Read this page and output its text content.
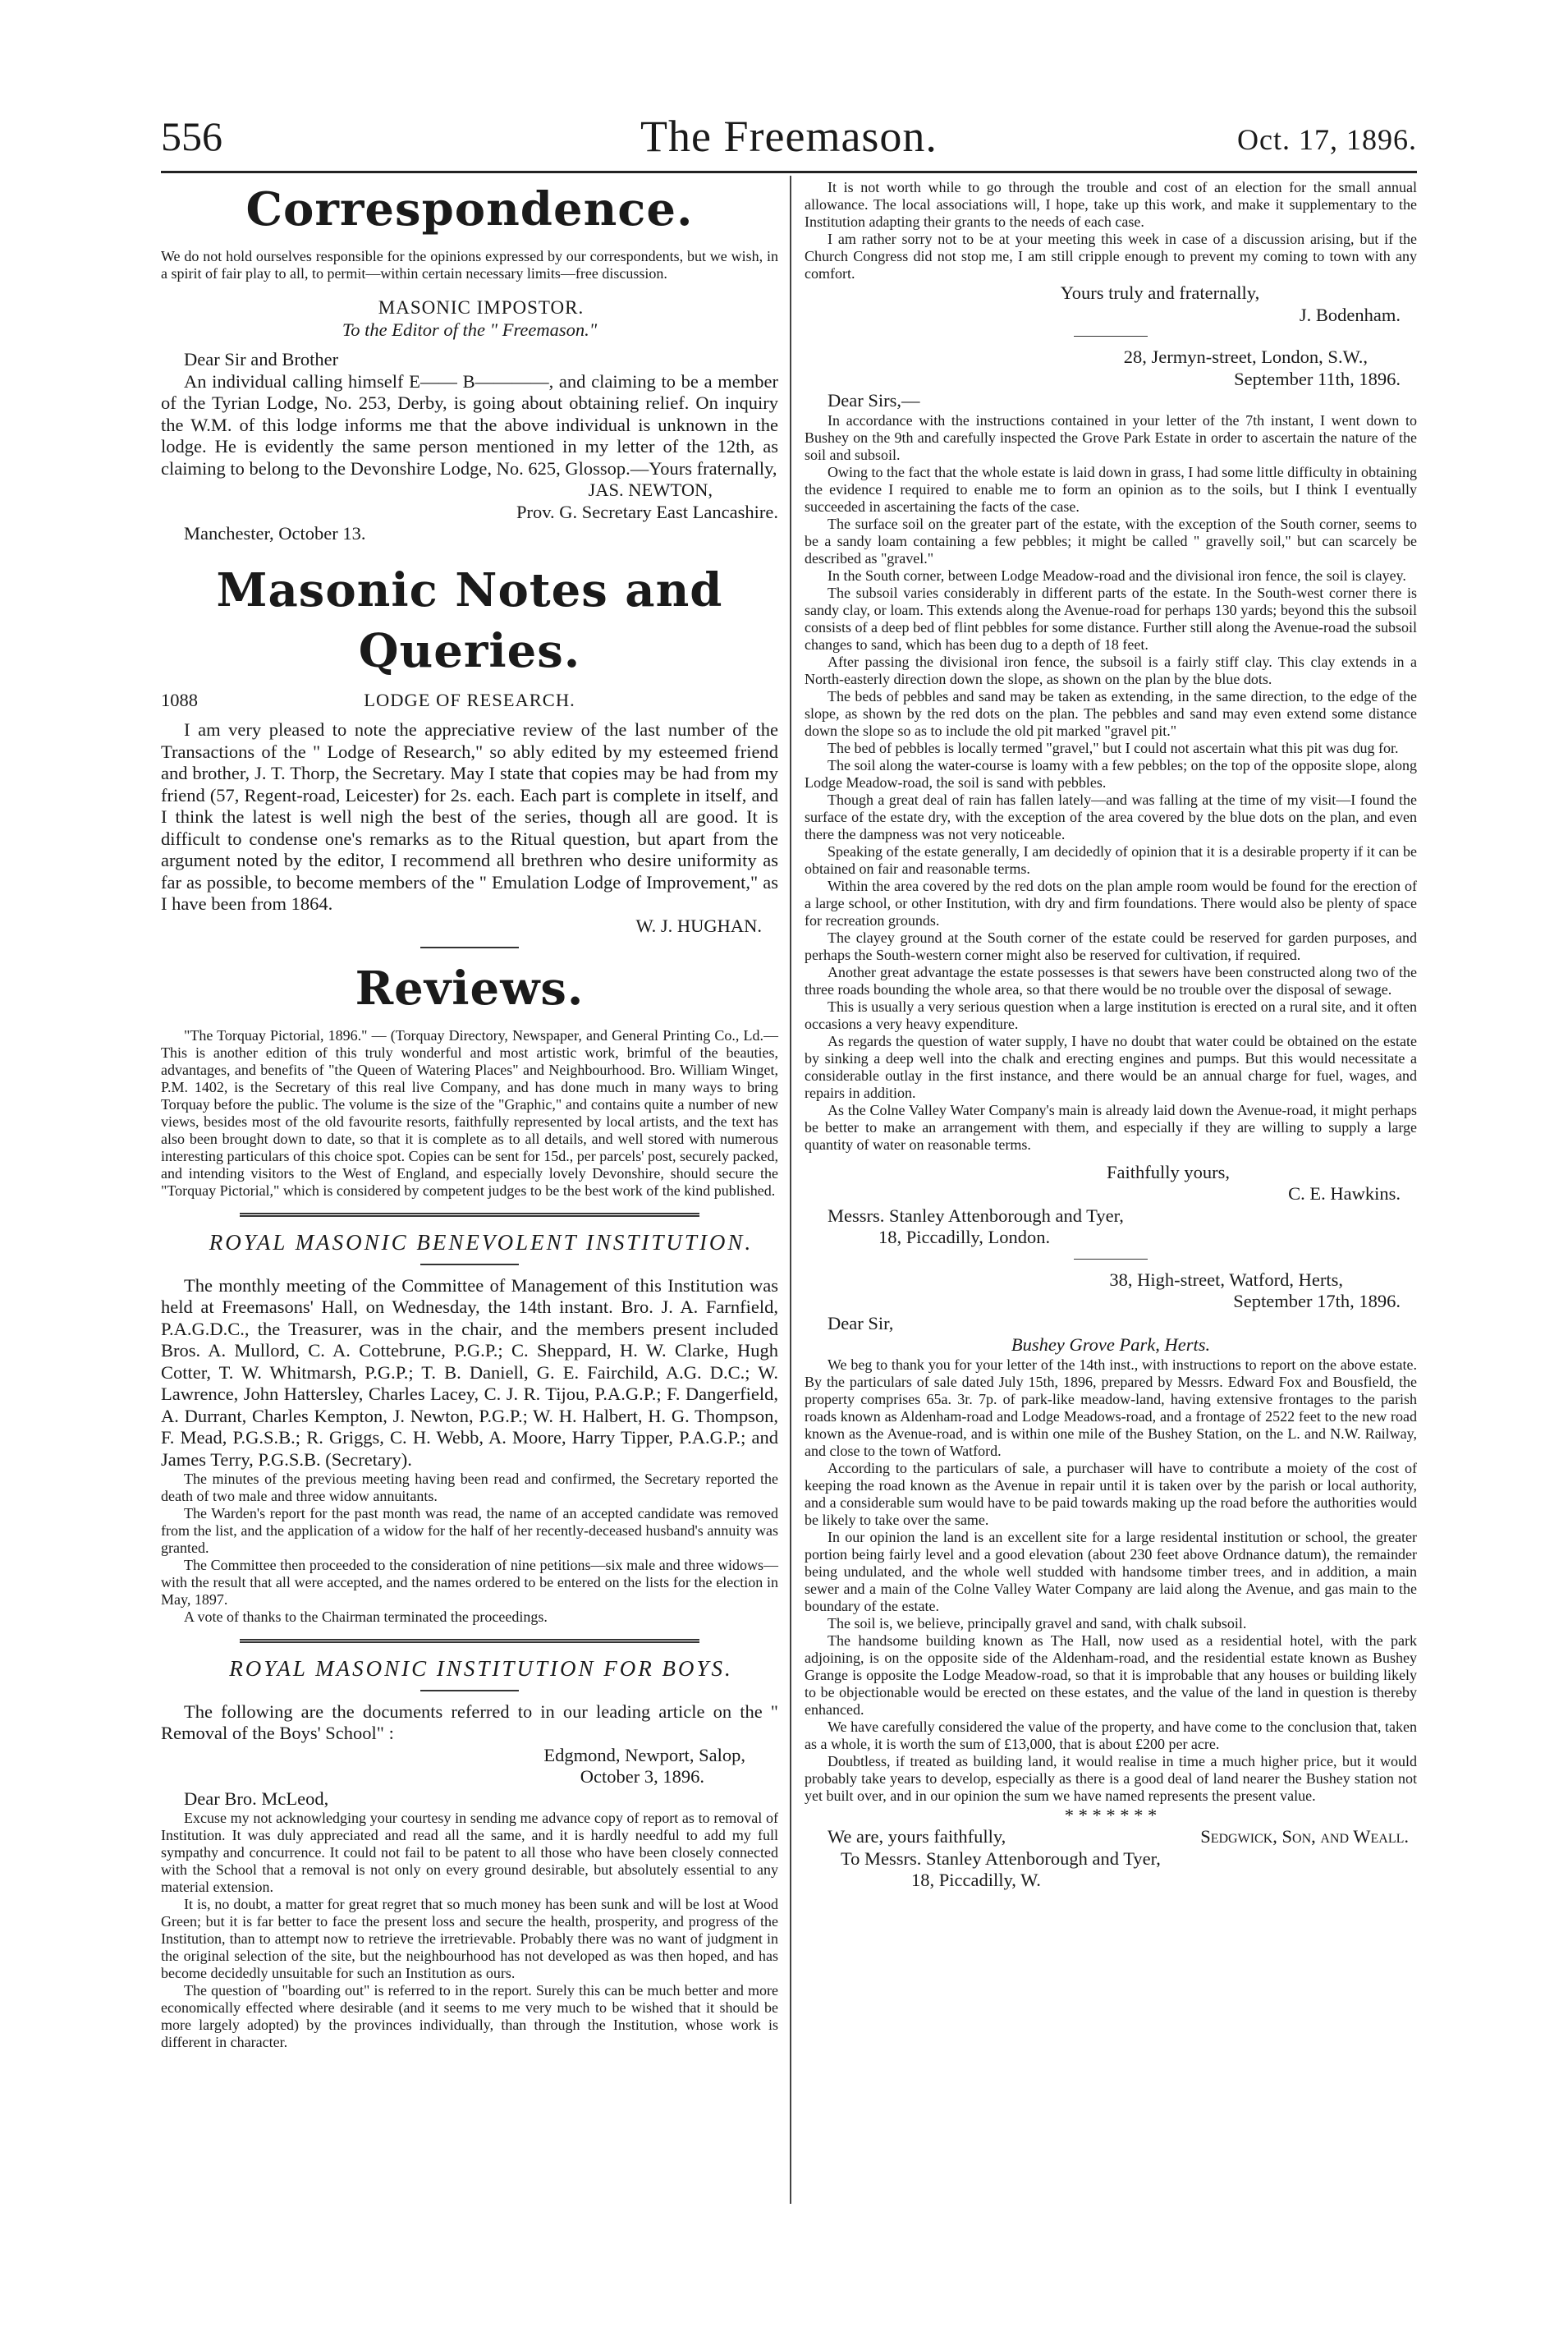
556	The Freemason.	Oct. 17, 1896.
Correspondence.

We do not hold ourselves responsible for the opinions expressed by our correspondents, but we wish, in a spirit of fair play to all, to permit—within certain necessary limits—free discussion.

MASONIC IMPOSTOR.

To the Editor of the " Freemason."

Dear Sir and Brother

An individual calling himself E—— B————, and claiming to be a member of the Tyrian Lodge, No. 253, Derby, is going about obtaining relief. On inquiry the W.M. of this lodge informs me that the above individual is unknown in the lodge. He is evidently the same person mentioned in my letter of the 12th, as claiming to belong to the Devonshire Lodge, No. 625, Glossop.—Yours fraternally,

JAS. NEWTON,

Prov. G. Secretary East Lancashire.

Manchester, October 13.

Masonic Notes and Queries.

1088	LODGE OF RESEARCH.

I am very pleased to note the appreciative review of the last number of the Transactions of the " Lodge of Research," so ably edited by my esteemed friend and brother, J. T. Thorp, the Secretary. May I state that copies may be had from my friend (57, Regent-road, Leicester) for 2s. each. Each part is complete in itself, and I think the latest is well nigh the best of the series, though all are good. It is difficult to condense one's remarks as to the Ritual question, but apart from the argument noted by the editor, I recommend all brethren who desire uniformity as far as possible, to become members of the " Emulation Lodge of Improvement," as I have been from 1864.

W. J. HUGHAN.

Reviews.

"The Torquay Pictorial, 1896." — (Torquay Directory, Newspaper, and General Printing Co., Ld.—This is another edition of this truly wonderful and most artistic work, brimful of the beauties, advantages, and benefits of "the Queen of Watering Places" and Neighbourhood. Bro. William Winget, P.M. 1402, is the Secretary of this real live Company, and has done much in many ways to bring Torquay before the public. The volume is the size of the "Graphic," and contains quite a number of new views, besides most of the old favourite resorts, faithfully represented by local artists, and the text has also been brought down to date, so that it is complete as to all details, and well stored with numerous interesting particulars of this choice spot. Copies can be sent for 15d., per parcels' post, securely packed, and intending visitors to the West of England, and especially lovely Devonshire, should secure the "Torquay Pictorial," which is considered by competent judges to be the best work of the kind published.

ROYAL MASONIC BENEVOLENT INSTITUTION.

The monthly meeting of the Committee of Management of this Institution was held at Freemasons' Hall, on Wednesday, the 14th instant. Bro. J. A. Farnfield, P.A.G.D.C., the Treasurer, was in the chair, and the members present included Bros. A. Mullord, C. A. Cottebrune, P.G.P.; C. Sheppard, H. W. Clarke, Hugh Cotter, T. W. Whitmarsh, P.G.P.; T. B. Daniell, G. E. Fairchild, A.G. D.C.; W. Lawrence, John Hattersley, Charles Lacey, C. J. R. Tijou, P.A.G.P.; F. Dangerfield, A. Durrant, Charles Kempton, J. Newton, P.G.P.; W. H. Halbert, H. G. Thompson, F. Mead, P.G.S.B.; R. Griggs, C. H. Webb, A. Moore, Harry Tipper, P.A.G.P.; and James Terry, P.G.S.B. (Secretary).

The minutes of the previous meeting having been read and confirmed, the Secretary reported the death of two male and three widow annuitants.

The Warden's report for the past month was read, the name of an accepted candidate was removed from the list, and the application of a widow for the half of her recently-deceased husband's annuity was granted.

The Committee then proceeded to the consideration of nine petitions—six male and three widows—with the result that all were accepted, and the names ordered to be entered on the lists for the election in May, 1897.

A vote of thanks to the Chairman terminated the proceedings.

ROYAL MASONIC INSTITUTION FOR BOYS.

The following are the documents referred to in our leading article on the " Removal of the Boys' School" :

Edgmond, Newport, Salop,

October 3, 1896.

Dear Bro. McLeod,

Excuse my not acknowledging your courtesy in sending me advance copy of report as to removal of Institution. It was duly appreciated and read all the same, and it is hardly needful to add my full sympathy and concurrence. It could not fail to be patent to all those who have been closely connected with the School that a removal is not only on every ground desirable, but absolutely essential to any material extension.

It is, no doubt, a matter for great regret that so much money has been sunk and will be lost at Wood Green; but it is far better to face the present loss and secure the health, prosperity, and progress of the Institution, than to attempt now to retrieve the irretrievable. Probably there was no want of judgment in the original selection of the site, but the neighbourhood has not developed as was then hoped, and has become decidedly unsuitable for such an Institution as ours.

The question of "boarding out" is referred to in the report. Surely this can be much better and more economically effected where desirable (and it seems to me very much to be wished that it should be more largely adopted) by the provinces individually, than through the Institution, whose work is different in character.

It is not worth while to go through the trouble and cost of an election for the small annual allowance. The local associations will, I hope, take up this work, and make it supplementary to the Institution adapting their grants to the needs of each case.

I am rather sorry not to be at your meeting this week in case of a discussion arising, but if the Church Congress did not stop me, I am still cripple enough to prevent my coming to town with any comfort.

Yours truly and fraternally,

J. Bodenham.

28, Jermyn-street, London, S.W.,

September 11th, 1896.

Dear Sirs,—

In accordance with the instructions contained in your letter of the 7th instant, I went down to Bushey on the 9th and carefully inspected the Grove Park Estate in order to ascertain the nature of the soil and subsoil.

Owing to the fact that the whole estate is laid down in grass, I had some little difficulty in obtaining the evidence I required to enable me to form an opinion as to the soils, but I think I eventually succeeded in ascertaining the facts of the case.

The surface soil on the greater part of the estate, with the exception of the South corner, seems to be a sandy loam containing a few pebbles; it might be called " gravelly soil," but can scarcely be described as "gravel."

In the South corner, between Lodge Meadow-road and the divisional iron fence, the soil is clayey.

The subsoil varies considerably in different parts of the estate. In the South-west corner there is sandy clay, or loam. This extends along the Avenue-road for perhaps 130 yards; beyond this the subsoil consists of a deep bed of flint pebbles for some distance. Further still along the Avenue-road the subsoil changes to sand, which has been dug to a depth of 18 feet.

After passing the divisional iron fence, the subsoil is a fairly stiff clay. This clay extends in a North-easterly direction down the slope, as shown on the plan by the blue dots.

The beds of pebbles and sand may be taken as extending, in the same direction, to the edge of the slope, as shown by the red dots on the plan. The pebbles and sand may even extend some distance down the slope so as to include the old pit marked "gravel pit."

The bed of pebbles is locally termed "gravel," but I could not ascertain what this pit was dug for.

The soil along the water-course is loamy with a few pebbles; on the top of the opposite slope, along Lodge Meadow-road, the soil is sand with pebbles.

Though a great deal of rain has fallen lately—and was falling at the time of my visit—I found the surface of the estate dry, with the exception of the area covered by the blue dots on the plan, and even there the dampness was not very noticeable.

Speaking of the estate generally, I am decidedly of opinion that it is a desirable property if it can be obtained on fair and reasonable terms.

Within the area covered by the red dots on the plan ample room would be found for the erection of a large school, or other Institution, with dry and firm foundations. There would also be plenty of space for recreation grounds.

The clayey ground at the South corner of the estate could be reserved for garden purposes, and perhaps the South-western corner might also be reserved for cultivation, if required.

Another great advantage the estate possesses is that sewers have been constructed along two of the three roads bounding the whole area, so that there would be no trouble over the disposal of sewage.

This is usually a very serious question when a large institution is erected on a rural site, and it often occasions a very heavy expenditure.

As regards the question of water supply, I have no doubt that water could be obtained on the estate by sinking a deep well into the chalk and erecting engines and pumps. But this would necessitate a considerable outlay in the first instance, and there would be an annual charge for fuel, wages, and repairs in addition.

As the Colne Valley Water Company's main is already laid down the Avenue-road, it might perhaps be better to make an arrangement with them, and especially if they are willing to supply a large quantity of water on reasonable terms.

Faithfully yours,

C. E. Hawkins.

Messrs. Stanley Attenborough and Tyer,

18, Piccadilly, London.

38, High-street, Watford, Herts,

September 17th, 1896.

Dear Sir,

Bushey Grove Park, Herts.

We beg to thank you for your letter of the 14th inst., with instructions to report on the above estate. By the particulars of sale dated July 15th, 1896, prepared by Messrs. Edward Fox and Bousfield, the property comprises 65a. 3r. 7p. of park-like meadow-land, having extensive frontages to the parish roads known as Aldenham-road and Lodge Meadows-road, and a frontage of 2522 feet to the new road known as the Avenue-road, and is within one mile of the Bushey Station, on the L. and N.W. Railway, and close to the town of Watford.

According to the particulars of sale, a purchaser will have to contribute a moiety of the cost of keeping the road known as the Avenue in repair until it is taken over by the parish or local authority, and a considerable sum would have to be paid towards making up the road before the authorities would be likely to take over the same.

In our opinion the land is an excellent site for a large residental institution or school, the greater portion being fairly level and a good elevation (about 230 feet above Ordnance datum), the remainder being undulated, and the whole well studded with handsome timber trees, and in addition, a main sewer and a main of the Colne Valley Water Company are laid along the Avenue, and gas main to the boundary of the estate.

The soil is, we believe, principally gravel and sand, with chalk subsoil.

The handsome building known as The Hall, now used as a residential hotel, with the park adjoining, is on the opposite side of the Aldenham-road, and the residential estate known as Bushey Grange is opposite the Lodge Meadow-road, so that it is improbable that any houses or building likely to be objectionable would be erected on these estates, and the value of the land in question is thereby enhanced.

We have carefully considered the value of the property, and have come to the conclusion that, taken as a whole, it is worth the sum of £13,000, that is about £200 per acre.

Doubtless, if treated as building land, it would realise in time a much higher price, but it would probably take years to develop, especially as there is a good deal of land nearer the Bushey station not yet built over, and in our opinion the sum we have named represents the present value.

* * * * * * *

We are, yours faithfully,	Sedgwick, Son, and Weall.

To Messrs. Stanley Attenborough and Tyer,

18, Piccadilly, W.
